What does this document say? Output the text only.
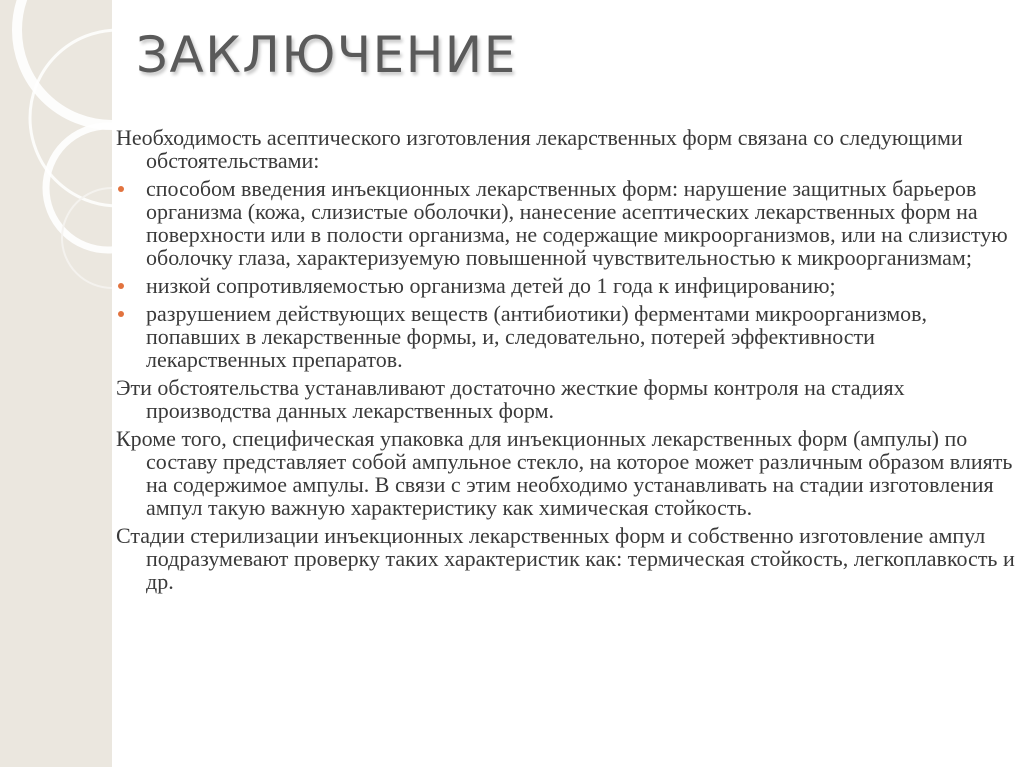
ЗАКЛЮЧЕНИЕ

Необходимость асептического изготовления лекарственных форм связана со следующими обстоятельствами:

способом введения инъекционных лекарственных форм: нарушение защитных барьеров организма (кожа, слизистые оболочки), нанесение асептических лекарственных форм на поверхности или в полости организма, не содержащие микроорганизмов, или на слизистую оболочку глаза, характеризуемую повышенной чувствительностью к микроорганизмам;
низкой сопротивляемостью организма детей до 1 года к инфицированию;
разрушением действующих веществ (антибиотики) ферментами микроорганизмов, попавших в лекарственные формы, и, следовательно, потерей эффективности лекарственных препаратов.

Эти обстоятельства устанавливают достаточно жесткие формы контроля на стадиях производства данных лекарственных форм.

Кроме того, специфическая упаковка для инъекционных лекарственных форм (ампулы) по составу представляет собой ампульное стекло, на которое может различным образом влиять на содержимое ампулы. В связи с этим необходимо устанавливать на стадии изготовления ампул такую важную характеристику как химическая стойкость.

Стадии стерилизации инъекционных лекарственных форм и собственно изготовление ампул подразумевают проверку таких характеристик как: термическая стойкость, легкоплавкость и др.
